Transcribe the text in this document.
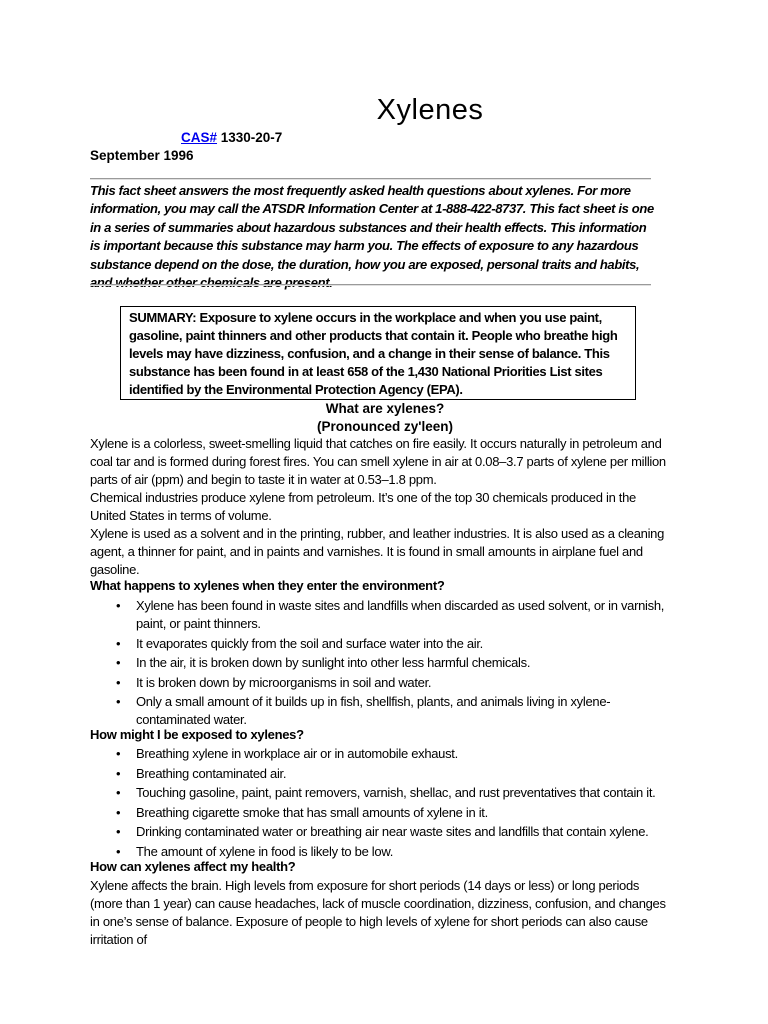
Xylenes
CAS# 1330-20-7
September 1996
This fact sheet answers the most frequently asked health questions about xylenes. For more information, you may call the ATSDR Information Center at 1-888-422-8737. This fact sheet is one in a series of summaries about hazardous substances and their health effects. This information is important because this substance may harm you. The effects of exposure to any hazardous substance depend on the dose, the duration, how you are exposed, personal traits and habits, and whether other chemicals are present.
SUMMARY: Exposure to xylene occurs in the workplace and when you use paint, gasoline, paint thinners and other products that contain it. People who breathe high levels may have dizziness, confusion, and a change in their sense of balance. This substance has been found in at least 658 of the 1,430 National Priorities List sites identified by the Environmental Protection Agency (EPA).
What are xylenes?
(Pronounced zy'leen)

Xylene is a colorless, sweet-smelling liquid that catches on fire easily. It occurs naturally in petroleum and coal tar and is formed during forest fires. You can smell xylene in air at 0.08–3.7 parts of xylene per million parts of air (ppm) and begin to taste it in water at 0.53–1.8 ppm.

Chemical industries produce xylene from petroleum. It’s one of the top 30 chemicals produced in the United States in terms of volume.

Xylene is used as a solvent and in the printing, rubber, and leather industries. It is also used as a cleaning agent, a thinner for paint, and in paints and varnishes. It is found in small amounts in airplane fuel and gasoline.

What happens to xylenes when they enter the environment?
• Xylene has been found in waste sites and landfills when discarded as used solvent, or in varnish, paint, or paint thinners.
• It evaporates quickly from the soil and surface water into the air.
• In the air, it is broken down by sunlight into other less harmful chemicals.
• It is broken down by microorganisms in soil and water.
• Only a small amount of it builds up in fish, shellfish, plants, and animals living in xylene-contaminated water.
How might I be exposed to xylenes?
• Breathing xylene in workplace air or in automobile exhaust.
• Breathing contaminated air.
• Touching gasoline, paint, paint removers, varnish, shellac, and rust preventatives that contain it.
• Breathing cigarette smoke that has small amounts of xylene in it.
• Drinking contaminated water or breathing air near waste sites and landfills that contain xylene.
• The amount of xylene in food is likely to be low.
How can xylenes affect my health?

Xylene affects the brain. High levels from exposure for short periods (14 days or less) or long periods (more than 1 year) can cause headaches, lack of muscle coordination, dizziness, confusion, and changes in one’s sense of balance. Exposure of people to high levels of xylene for short periods can also cause irritation of
